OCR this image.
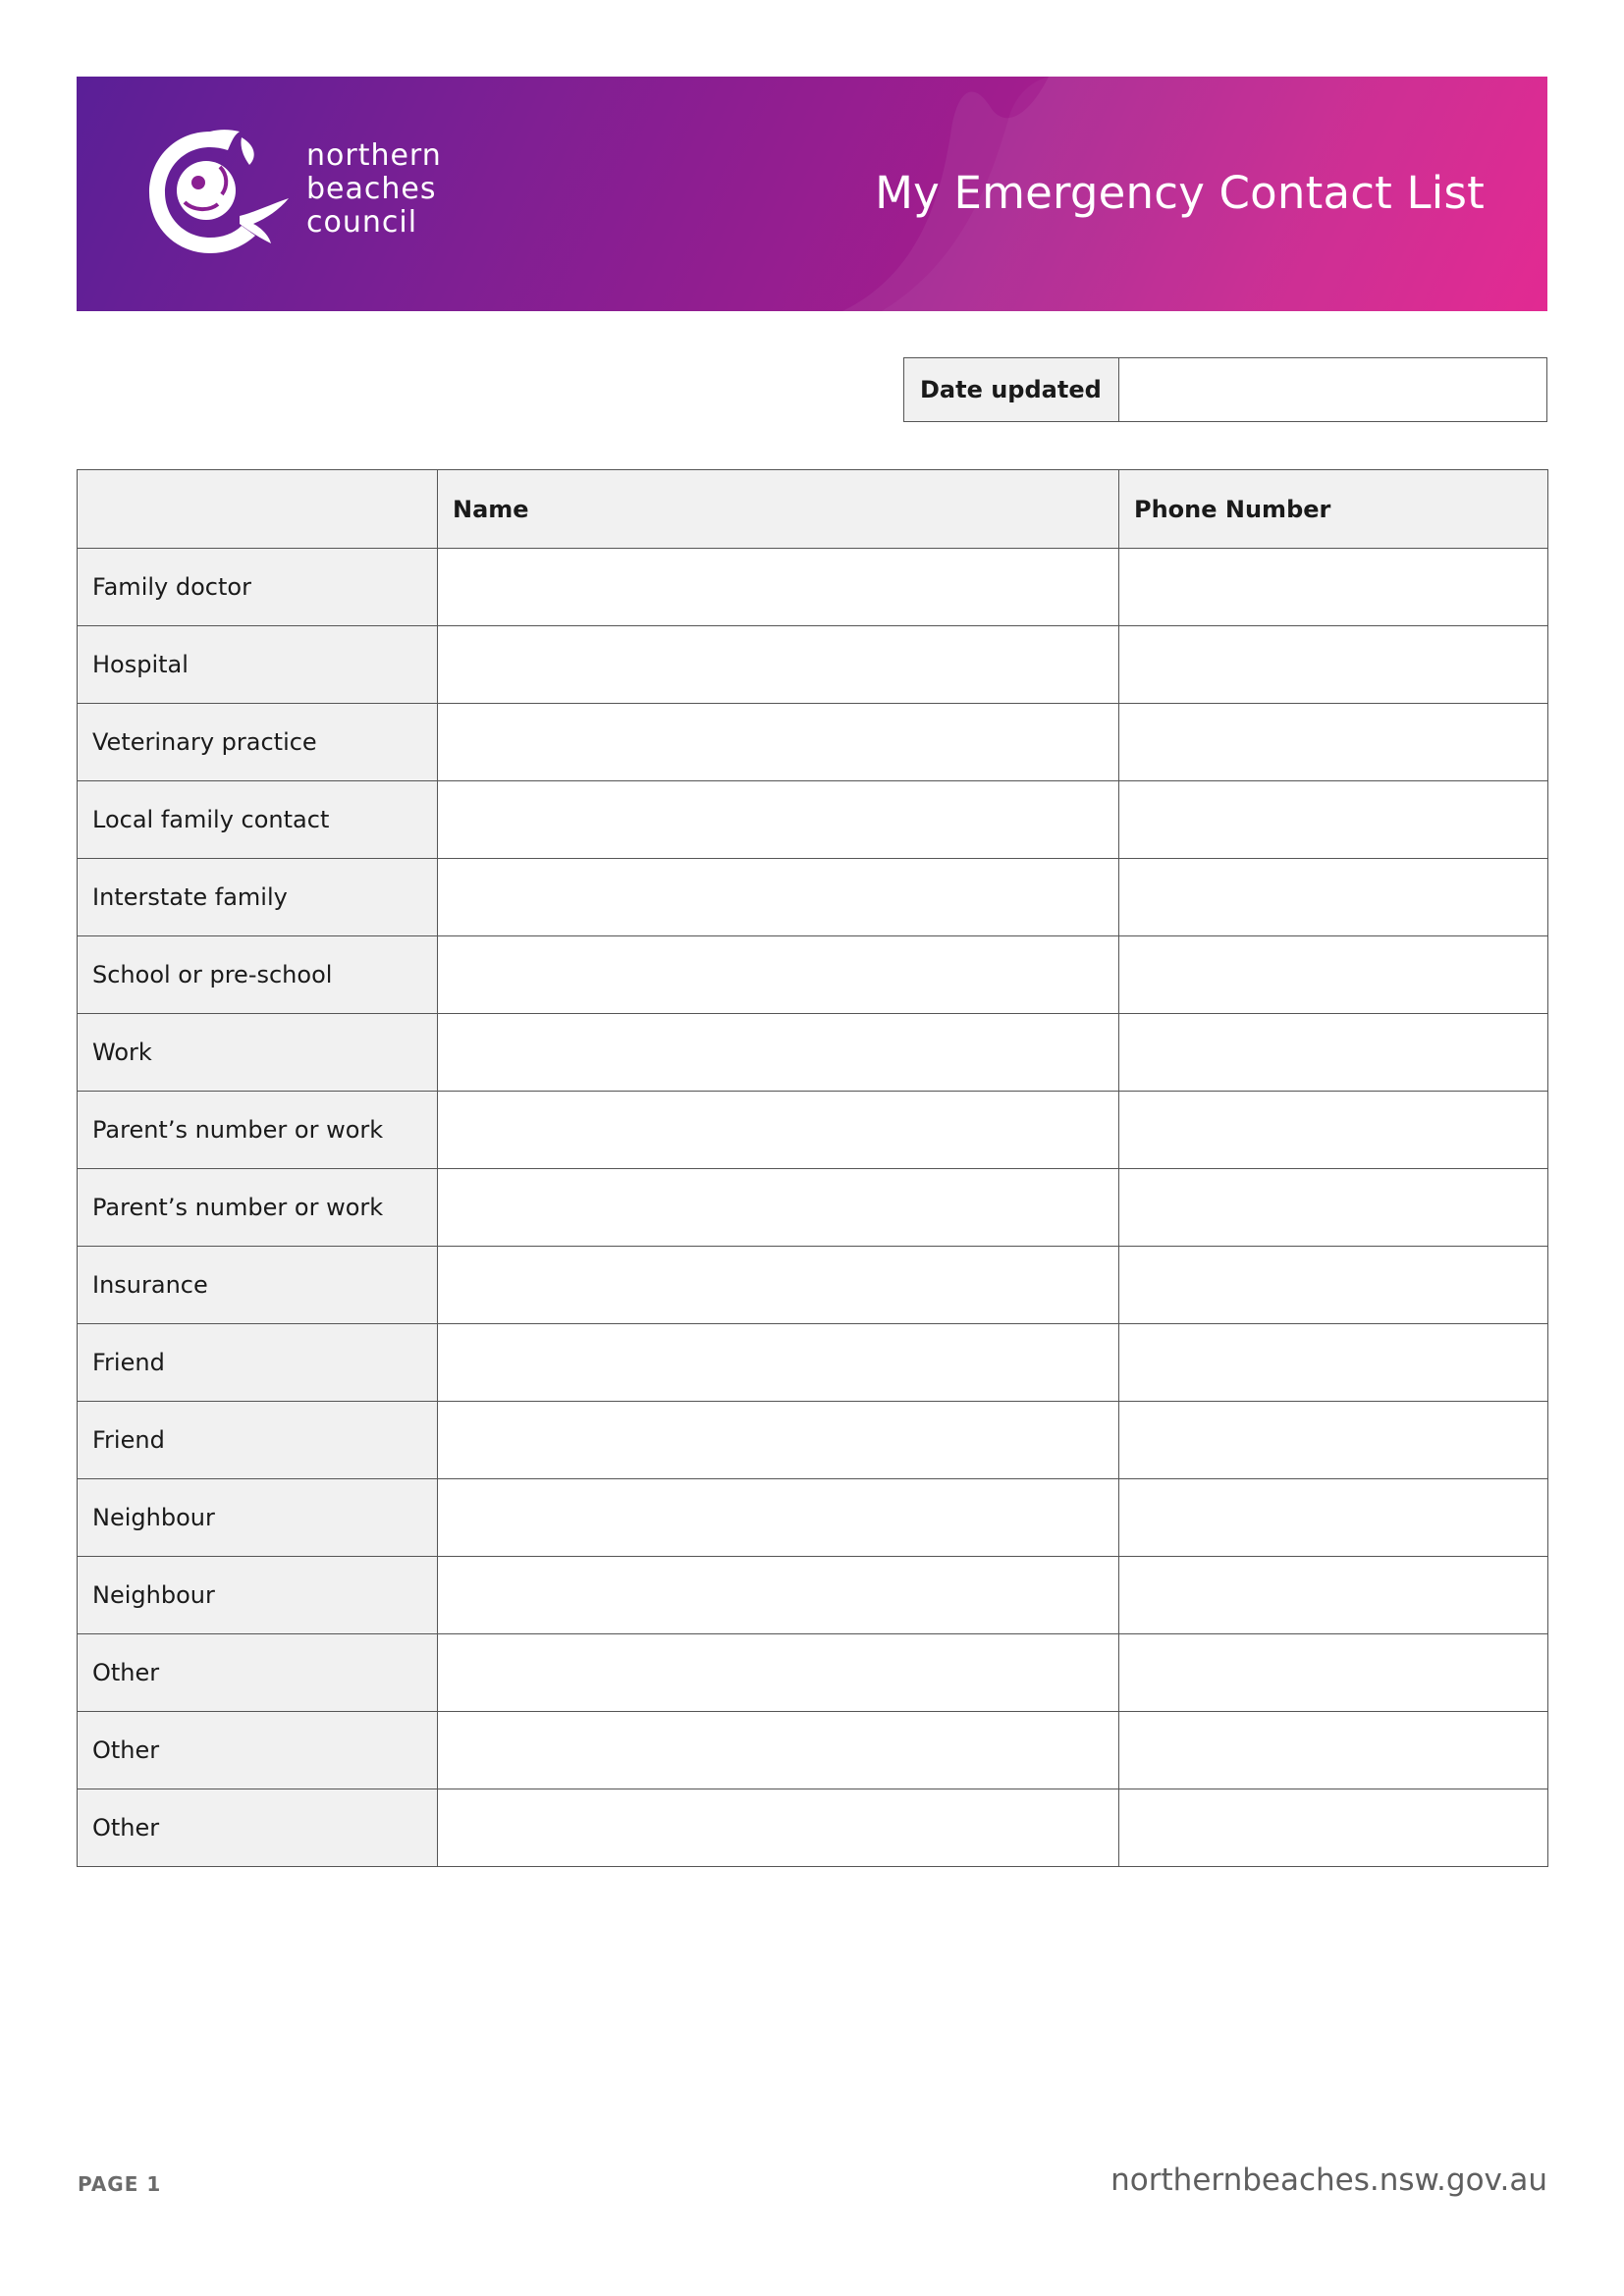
northern
beaches
council
My Emergency Contact List
Date updated
	Name	Phone Number
Family doctor		
Hospital		
Veterinary practice		
Local family contact		
Interstate family		
School or pre-school		
Work		
Parent’s number or work		
Parent’s number or work		
Insurance		
Friend		
Friend		
Neighbour		
Neighbour		
Other		
Other		
Other		
PAGE 1	northernbeaches.nsw.gov.au
